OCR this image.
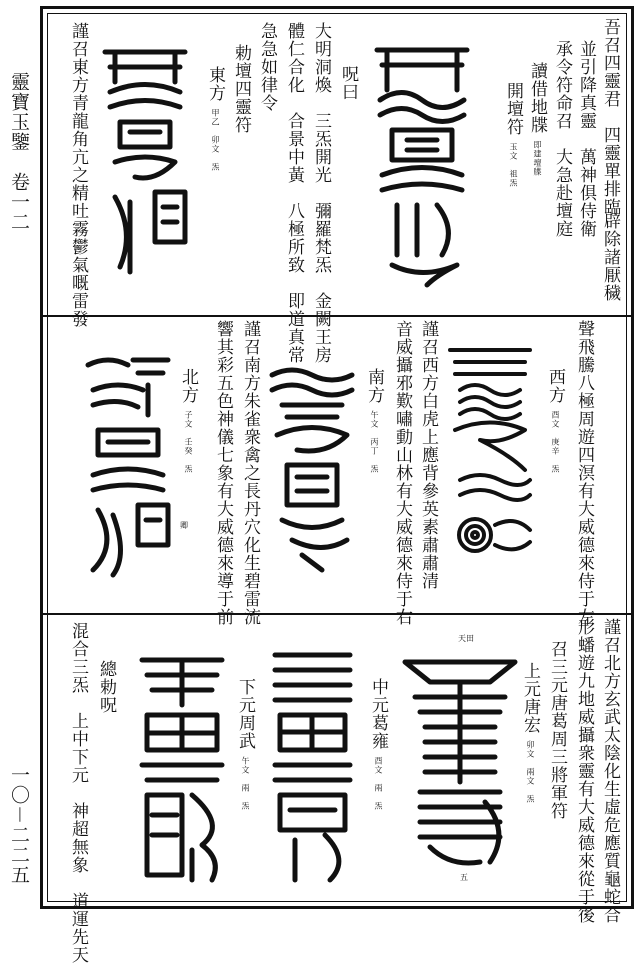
靈寶玉鑒　卷一二
一〇－二二五
吾召四靈君　四靈單排臨
並引降真靈　萬神俱侍衛
承令符命召　大急赴壇庭
讀借地牒 即建壇牒
開壇符 玉文　祖炁
辟除諸厭穢
呪曰
大明洞煥　三炁開光　彌羅梵炁　金闕王房
體仁合化　合景中黃　八極所致　即道真常
急急如律令
勅壇四靈符
東方 甲乙　卯文　炁
謹召東方青龍角亢之精吐霧鬱氣嘅雷發
聲飛騰八極周遊四溟有大威德來侍于左
西方 酉文　庚辛　炁
謹召西方白虎上應背參英素肅肅清
音威攝邪歎嘯動山林有大威德來侍于右
南方 午文　丙丁　炁
謹召南方朱雀衆禽之長丹穴化生碧雷流
響其彩五色神儀七象有大威德來導于前
北方 子文　壬癸　炁
卿
謹召北方玄武太陰化生虛危應質龜蛇合
形蟠遊九地威攝衆靈有大威德來從于後
召三元唐葛周三將軍符
上元唐宏 卯文　兩文　炁
天田
五
中元葛雍 酉文　兩　炁
下元周武 午文　兩　炁
總勅呪
混合三炁　上中下元　神超無象　道運先天
